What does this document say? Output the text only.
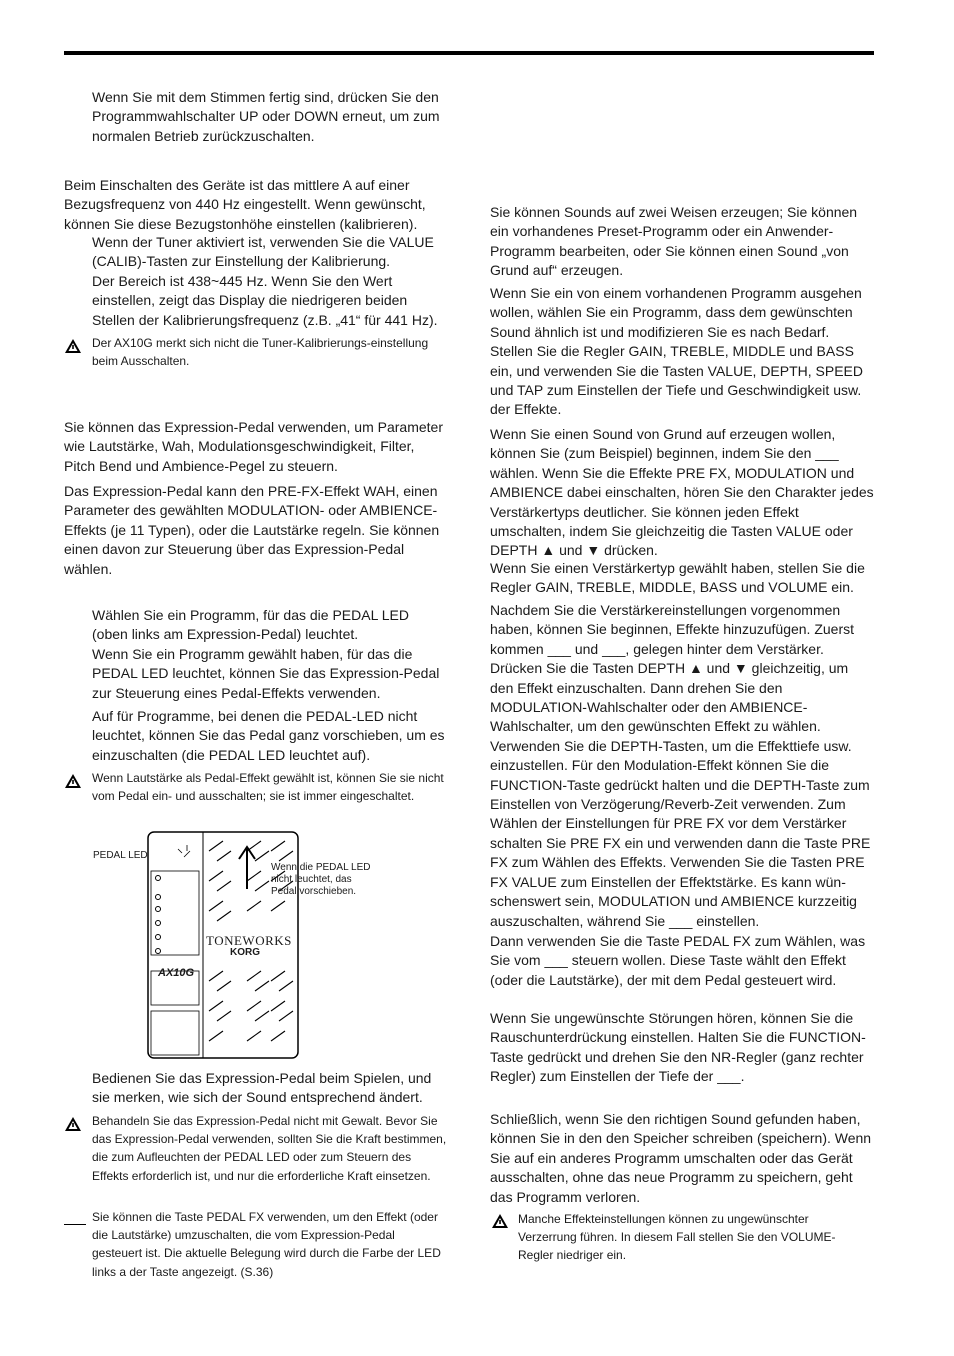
Wenn Sie mit dem Stimmen fertig sind, drücken Sie den Programmwahlschalter UP oder DOWN erneut, um zum normalen Betrieb zurückzuschalten.

Beim Einschalten des Geräte ist das mittlere A auf einer Bezugsfrequenz von 440 Hz eingestellt. Wenn gewünscht, können Sie diese Bezugstonhöhe einstellen (kalibrieren).

Wenn der Tuner aktiviert ist, verwenden Sie die VALUE (CALIB)-Tasten zur Einstellung der Kalibrierung.

Der Bereich ist 438~445 Hz. Wenn Sie den Wert einstellen, zeigt das Display die niedrigeren beiden Stellen der Kalibrierungsfrequenz (z.B. „41“ für 441 Hz).

Der AX10G merkt sich nicht die Tuner-Kalibrierungs-einstellung beim Ausschalten.

Sie können das Expression-Pedal verwenden, um Parameter wie Lautstärke, Wah, Modulationsgeschwindigkeit, Filter, Pitch Bend und Ambience-Pegel zu steuern.

Das Expression-Pedal kann den PRE-FX-Effekt WAH, einen Parameter des gewählten MODULATION- oder AMBIENCE-Effekts (je 11 Typen), oder die Lautstärke regeln. Sie können einen davon zur Steuerung über das Expression-Pedal wählen.

Wählen Sie ein Programm, für das die PEDAL LED (oben links am Expression-Pedal) leuchtet.

Wenn Sie ein Programm gewählt haben, für das die PEDAL LED leuchtet, können Sie das Expression-Pedal zur Steuerung eines Pedal-Effekts verwenden.

Auf für Programme, bei denen die PEDAL-LED nicht leuchtet, können Sie das Pedal ganz vorschieben, um es einzuschalten (die PEDAL LED leuchtet auf).

Wenn Lautstärke als Pedal-Effekt gewählt ist, können Sie sie nicht vom Pedal ein- und ausschalten; sie ist immer eingeschaltet.

PEDAL LED
TONEWORKS
KORG
AX10G

Wenn die PEDAL LED nicht leuchtet, das Pedal vorschieben.

Bedienen Sie das Expression-Pedal beim Spielen, und sie merken, wie sich der Sound entsprechend ändert.

Behandeln Sie das Expression-Pedal nicht mit Gewalt. Bevor Sie das Expression-Pedal verwenden, sollten Sie die Kraft bestimmen, die zum Aufleuchten der PEDAL LED oder zum Steuern des Effekts erforderlich ist, und nur die erforderliche Kraft einsetzen.

Sie können die Taste PEDAL FX verwenden, um den Effekt (oder die Lautstärke) umzuschalten, die vom Expression-Pedal gesteuert ist. Die aktuelle Belegung wird durch die Farbe der LED links a der Taste angezeigt. (S.36)

Sie können Sounds auf zwei Weisen erzeugen; Sie können ein vorhandenes Preset-Programm oder ein Anwender-Programm bearbeiten, oder Sie können einen Sound „von Grund auf“ erzeugen.

Wenn Sie ein von einem vorhandenen Programm ausgehen wollen, wählen Sie ein Programm, dass dem gewünschten Sound ähnlich ist und modifizieren Sie es nach Bedarf. Stellen Sie die Regler GAIN, TREBLE, MIDDLE und BASS ein, und verwenden Sie die Tasten VALUE, DEPTH, SPEED und TAP zum Einstellen der Tiefe und Geschwindigkeit usw. der Effekte.

Wenn Sie einen Sound von Grund auf erzeugen wollen, können Sie (zum Beispiel) beginnen, indem Sie den ___ wählen. Wenn Sie die Effekte PRE FX, MODULATION und AMBIENCE dabei einschalten, hören Sie den Charakter jedes Verstärkertyps deutlicher. Sie können jeden Effekt umschalten, indem Sie gleichzeitig die Tasten VALUE oder DEPTH ▲ und ▼ drücken.

Wenn Sie einen Verstärkertyp gewählt haben, stellen Sie die Regler GAIN, TREBLE, MIDDLE, BASS und VOLUME ein.

Nachdem Sie die Verstärkereinstellungen vorgenommen haben, können Sie beginnen, Effekte hinzuzufügen. Zuerst kommen ___ und ___, gelegen hinter dem Verstärker. Drücken Sie die Tasten DEPTH ▲ und ▼ gleichzeitig, um den Effekt einzuschalten. Dann drehen Sie den MODULATION-Wahlschalter oder den AMBIENCE-Wahlschalter, um den gewünschten Effekt zu wählen. Verwenden Sie die DEPTH-Tasten, um die Effekttiefe usw. einzustellen. Für den Modulation-Effekt können Sie die FUNCTION-Taste gedrückt halten und die DEPTH-Taste zum Einstellen von Verzögerung/Reverb-Zeit verwenden. Zum Wählen der Einstellungen für PRE FX vor dem Verstärker schalten Sie PRE FX ein und verwenden dann die Taste PRE FX zum Wählen des Effekts. Verwenden Sie die Tasten PRE FX VALUE zum Einstellen der Effektstärke. Es kann wün-schenswert sein, MODULATION und AMBIENCE kurzzeitig auszuschalten, während Sie ___ einstellen.

Dann verwenden Sie die Taste PEDAL FX zum Wählen, was Sie vom ___ steuern wollen. Diese Taste wählt den Effekt (oder die Lautstärke), der mit dem Pedal gesteuert wird.

Wenn Sie ungewünschte Störungen hören, können Sie die Rauschunterdrückung einstellen. Halten Sie die FUNCTION-Taste gedrückt und drehen Sie den NR-Regler (ganz rechter Regler) zum Einstellen der Tiefe der ___.

Schließlich, wenn Sie den richtigen Sound gefunden haben, können Sie in den den Speicher schreiben (speichern). Wenn Sie auf ein anderes Programm umschalten oder das Gerät ausschalten, ohne das neue Programm zu speichern, geht das Programm verloren.

Manche Effekteinstellungen können zu ungewünschter Verzerrung führen. In diesem Fall stellen Sie den VOLUME-Regler niedriger ein.
